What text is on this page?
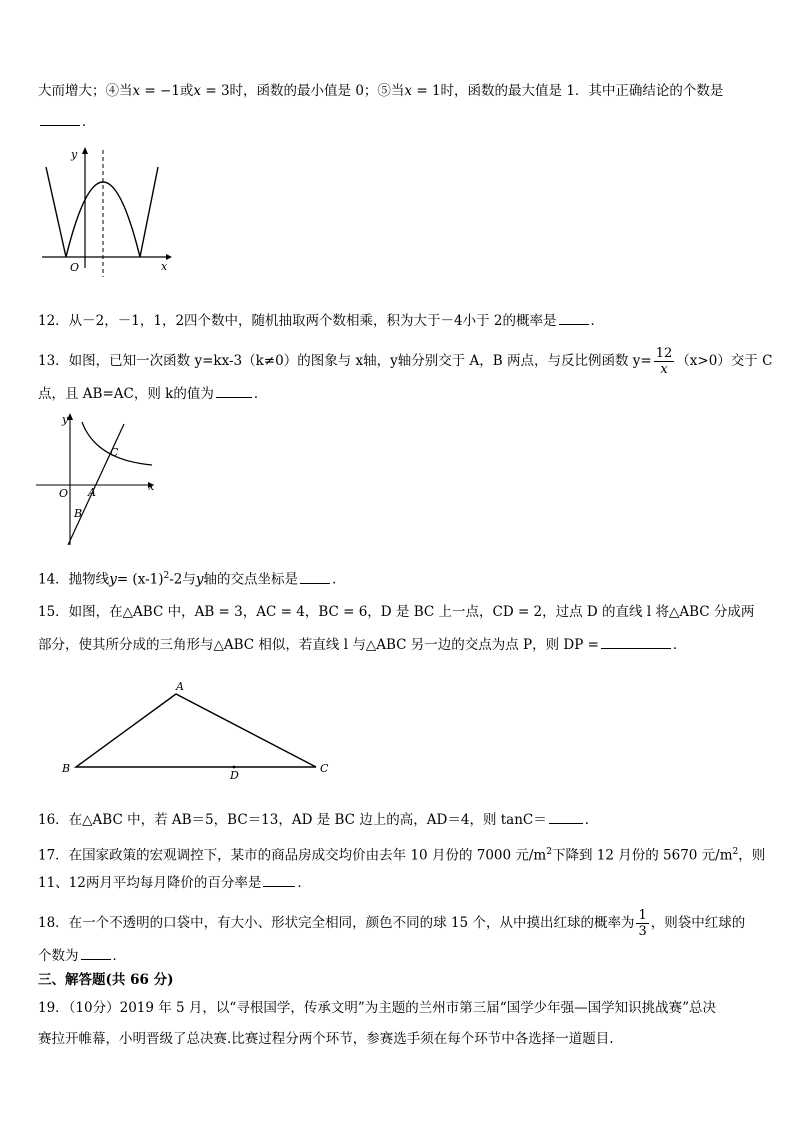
大而增大；④当x = −1或x = 3时，函数的最小值是 0；⑤当x = 1时，函数的最大值是 1．其中正确结论的个数是
．
y
x
O
12．从－2，－1，1，2四个数中，随机抽取两个数相乘，积为大于－4小于 2的概率是	．
13．如图，已知一次函数 y=kx-3（k≠0）的图象与 x轴，y轴分别交于 A，B 两点，与反比例函数 $y= \frac{12}{x} (x>0)$交于 C
点，且 AB=AC，则 k的值为	．
y
x
O A
B
C
14．抛物线$y= (x-1)^2-2$与y轴的交点坐标是	．
15．如图，在△ABC 中，AB = 3，AC = 4，BC = 6，D 是 BC 上一点，CD = 2，过点 D 的直线 l 将△ABC 分成两
部分，使其所分成的三角形与△ABC 相似，若直线 l 与△ABC 另一边的交点为点 P，则 DP =	．
A
B	C
D
16．在△ABC 中，若 AB＝5，BC＝13，AD 是 BC 边上的高，AD＝4，则 tanC＝	．
17．在国家政策的宏观调控下，某市的商品房成交均价由去年 10 月份的 7000 元$/m^2$下降到 12 月份的 5670 元$/m^2$，则
11、12两月平均每月降价的百分率是	．
18．在一个不透明的口袋中，有大小、形状完全相同，颜色不同的球 15 个，从中摸出红球的概率为 $\frac{1}{3}$ ，则袋中红球的
个数为	．
三、解答题(共 66 分)
19．（10分）2019 年 5 月，以“寻根国学，传承文明”为主题的兰州市第三届“国学少年强—国学知识挑战赛”总决
赛拉开帷幕，小明晋级了总决赛.比赛过程分两个环节，参赛选手须在每个环节中各选择一道题目.
